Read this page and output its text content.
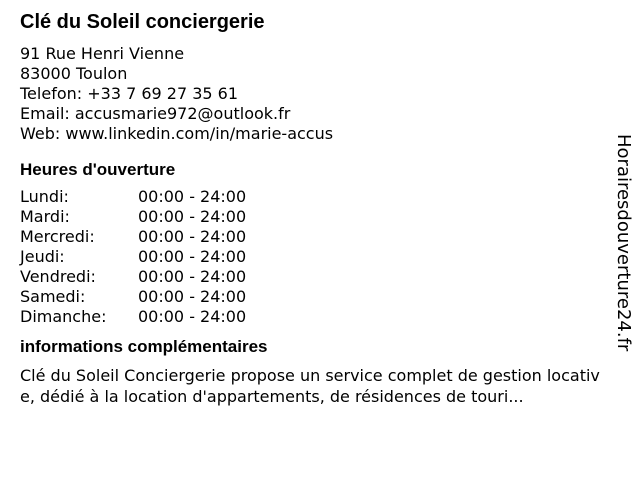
Clé du Soleil conciergerie
91 Rue Henri Vienne
83000 Toulon
Telefon: +33 7 69 27 35 61
Email: accusmarie972@outlook.fr
Web: www.linkedin.com/in/marie-accus
Heures d'ouverture
Lundi:	00:00 - 24:00
Mardi:	00:00 - 24:00
Mercredi:	00:00 - 24:00
Jeudi:	00:00 - 24:00
Vendredi:	00:00 - 24:00
Samedi:	00:00 - 24:00
Dimanche:	00:00 - 24:00
informations complémentaires
Clé du Soleil Conciergerie propose un service complet de gestion locative, dédié à la location d'appartements, de résidences de touri...
Horairesdouverture24.fr
